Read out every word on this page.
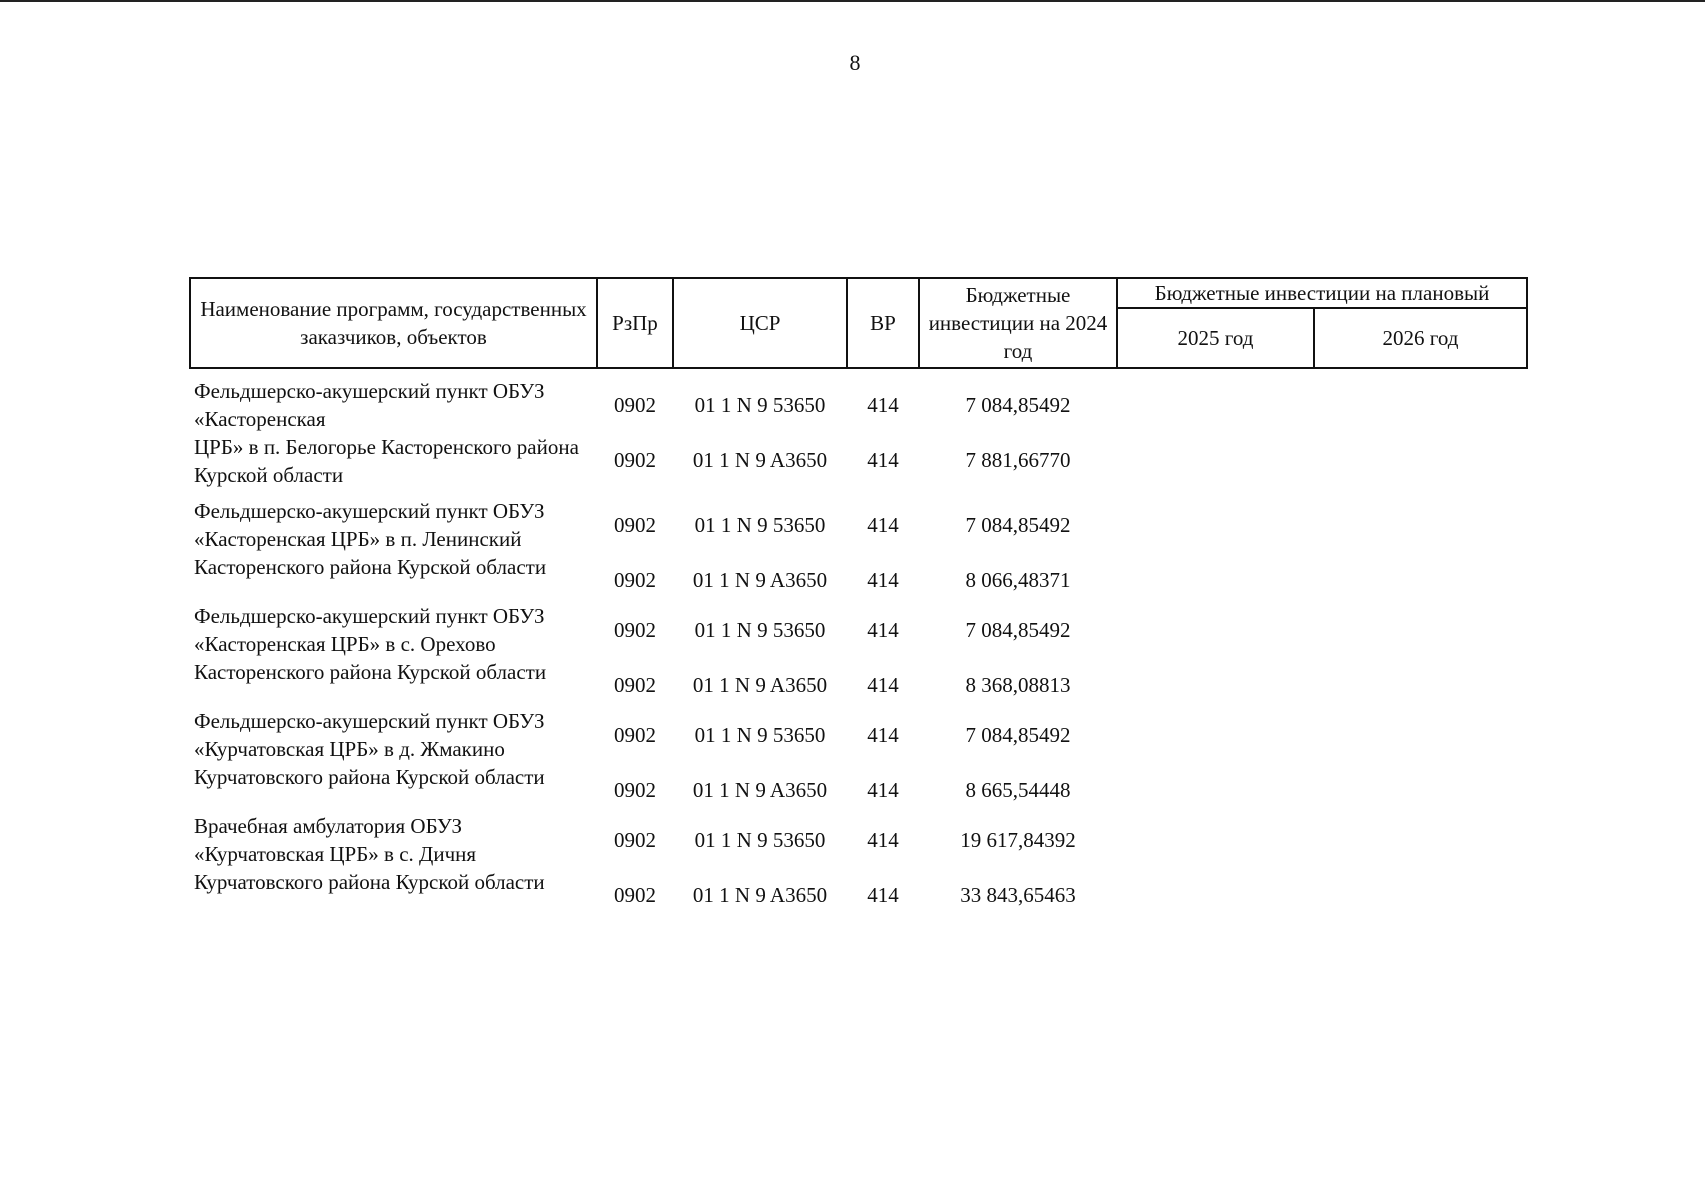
8
Наименование программ, государственных заказчиков, объектов	РзПр	ЦСР	ВР	Бюджетные инвестиции на 2024 год	Бюджетные инвестиции на плановый	
					2025 год	2026 год
Фельдшерско-акушерский пункт ОБУЗ «Касторенская	0902	01 1 N 9 53650	414	7 084,85492		
ЦРБ» в п. Белогорье Касторенского района Курской области	0902	01 1 N 9 A3650	414	7 881,66770		
Фельдшерско-акушерский пункт ОБУЗ «Касторенская ЦРБ» в п. Ленинский	0902	01 1 N 9 53650	414	7 084,85492		
Касторенского района Курской области	0902	01 1 N 9 A3650	414	8 066,48371		
Фельдшерско-акушерский пункт ОБУЗ «Касторенская ЦРБ» в с. Орехово	0902	01 1 N 9 53650	414	7 084,85492		
Касторенского района Курской области	0902	01 1 N 9 A3650	414	8 368,08813		
Фельдшерско-акушерский пункт ОБУЗ «Курчатовская ЦРБ» в д. Жмакино	0902	01 1 N 9 53650	414	7 084,85492		
Курчатовского района Курской области	0902	01 1 N 9 A3650	414	8 665,54448		
Врачебная амбулатория ОБУЗ «Курчатовская ЦРБ» в с. Дичня	0902	01 1 N 9 53650	414	19 617,84392		
Курчатовского района Курской области	0902	01 1 N 9 A3650	414	33 843,65463		
